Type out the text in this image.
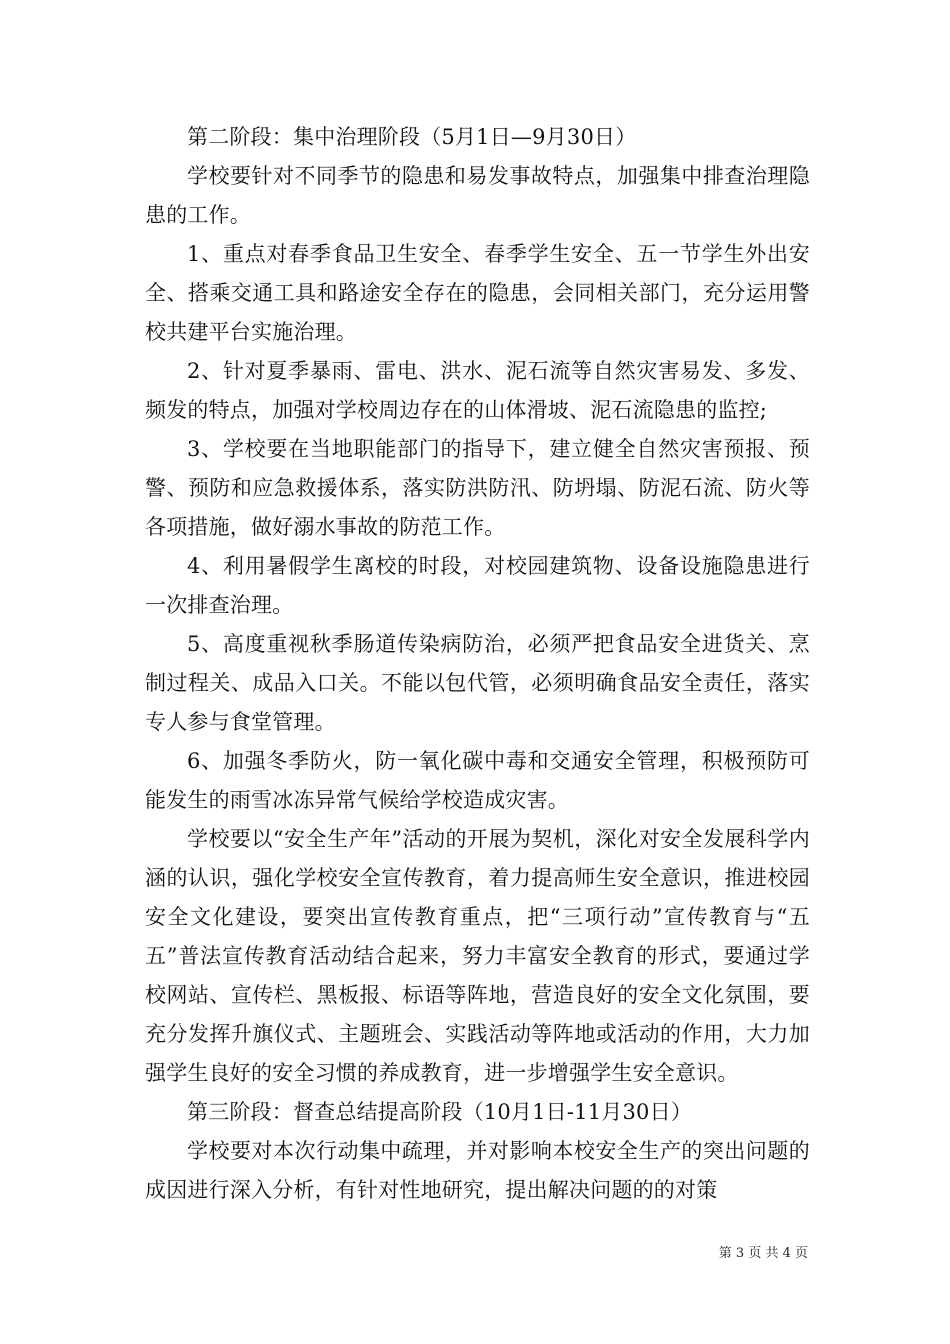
第二阶段：集中治理阶段（5月1日—9月30日）

学校要针对不同季节的隐患和易发事故特点，加强集中排查治理隐患的工作。

1、重点对春季食品卫生安全、春季学生安全、五一节学生外出安全、搭乘交通工具和路途安全存在的隐患，会同相关部门，充分运用警校共建平台实施治理。

2、针对夏季暴雨、雷电、洪水、泥石流等自然灾害易发、多发、频发的特点，加强对学校周边存在的山体滑坡、泥石流隐患的监控;

3、学校要在当地职能部门的指导下，建立健全自然灾害预报、预警、预防和应急救援体系，落实防洪防汛、防坍塌、防泥石流、防火等各项措施，做好溺水事故的防范工作。

4、利用暑假学生离校的时段，对校园建筑物、设备设施隐患进行一次排查治理。

5、高度重视秋季肠道传染病防治，必须严把食品安全进货关、烹制过程关、成品入口关。不能以包代管，必须明确食品安全责任，落实专人参与食堂管理。

6、加强冬季防火，防一氧化碳中毒和交通安全管理，积极预防可能发生的雨雪冰冻异常气候给学校造成灾害。

学校要以“安全生产年”活动的开展为契机，深化对安全发展科学内涵的认识，强化学校安全宣传教育，着力提高师生安全意识，推进校园安全文化建设，要突出宣传教育重点，把“三项行动”宣传教育与“五五”普法宣传教育活动结合起来，努力丰富安全教育的形式，要通过学校网站、宣传栏、黑板报、标语等阵地，营造良好的安全文化氛围，要充分发挥升旗仪式、主题班会、实践活动等阵地或活动的作用，大力加强学生良好的安全习惯的养成教育，进一步增强学生安全意识。

第三阶段：督查总结提高阶段（10月1日-11月30日）

学校要对本次行动集中疏理，并对影响本校安全生产的突出问题的成因进行深入分析，有针对性地研究，提出解决问题的的对策

第 3 页 共 4 页
